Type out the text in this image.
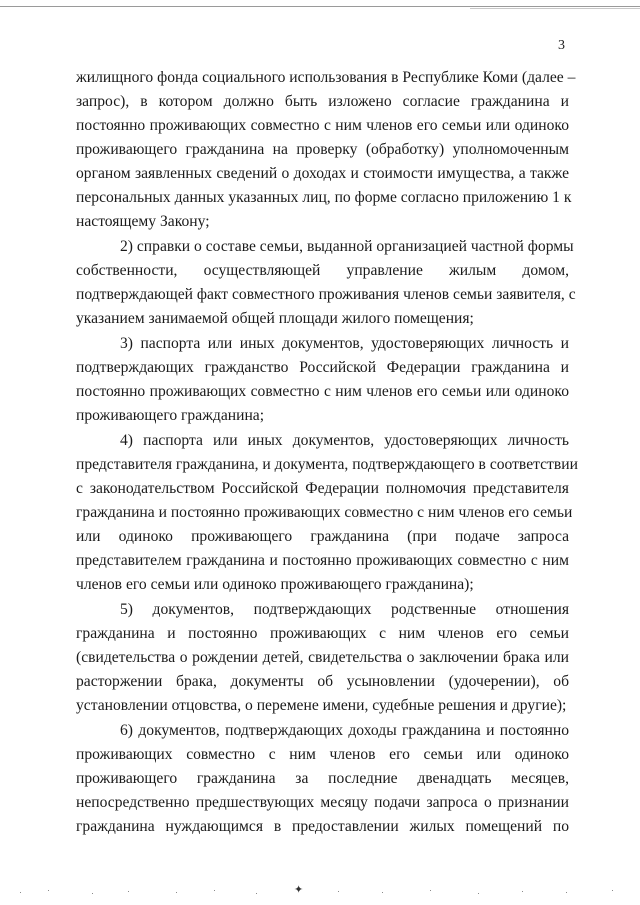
3
жилищного фонда социального использования в Республике Коми (далее –
запрос), в котором должно быть изложено согласие гражданина и
постоянно проживающих совместно с ним членов его семьи или одиноко
проживающего гражданина на проверку (обработку) уполномоченным
органом заявленных сведений о доходах и стоимости имущества, а также
персональных данных указанных лиц, по форме согласно приложению 1 к
настоящему Закону;
2) справки о составе семьи, выданной организацией частной формы
собственности, осуществляющей управление жилым домом,
подтверждающей факт совместного проживания членов семьи заявителя, с
указанием занимаемой общей площади жилого помещения;
3) паспорта или иных документов, удостоверяющих личность и
подтверждающих гражданство Российской Федерации гражданина и
постоянно проживающих совместно с ним членов его семьи или одиноко
проживающего гражданина;
4) паспорта или иных документов, удостоверяющих личность
представителя гражданина, и документа, подтверждающего в соответствии
с законодательством Российской Федерации полномочия представителя
гражданина и постоянно проживающих совместно с ним членов его семьи
или одиноко проживающего гражданина (при подаче запроса
представителем гражданина и постоянно проживающих совместно с ним
членов его семьи или одиноко проживающего гражданина);
5) документов, подтверждающих родственные отношения
гражданина и постоянно проживающих с ним членов его семьи
(свидетельства о рождении детей, свидетельства о заключении брака или
расторжении брака, документы об усыновлении (удочерении), об
установлении отцовства, о перемене имени, судебные решения и другие);
6) документов, подтверждающих доходы гражданина и постоянно
проживающих совместно с ним членов его семьи или одиноко
проживающего гражданина за последние двенадцать месяцев,
непосредственно предшествующих месяцу подачи запроса о признании
гражданина нуждающимся в предоставлении жилых помещений по
✦
